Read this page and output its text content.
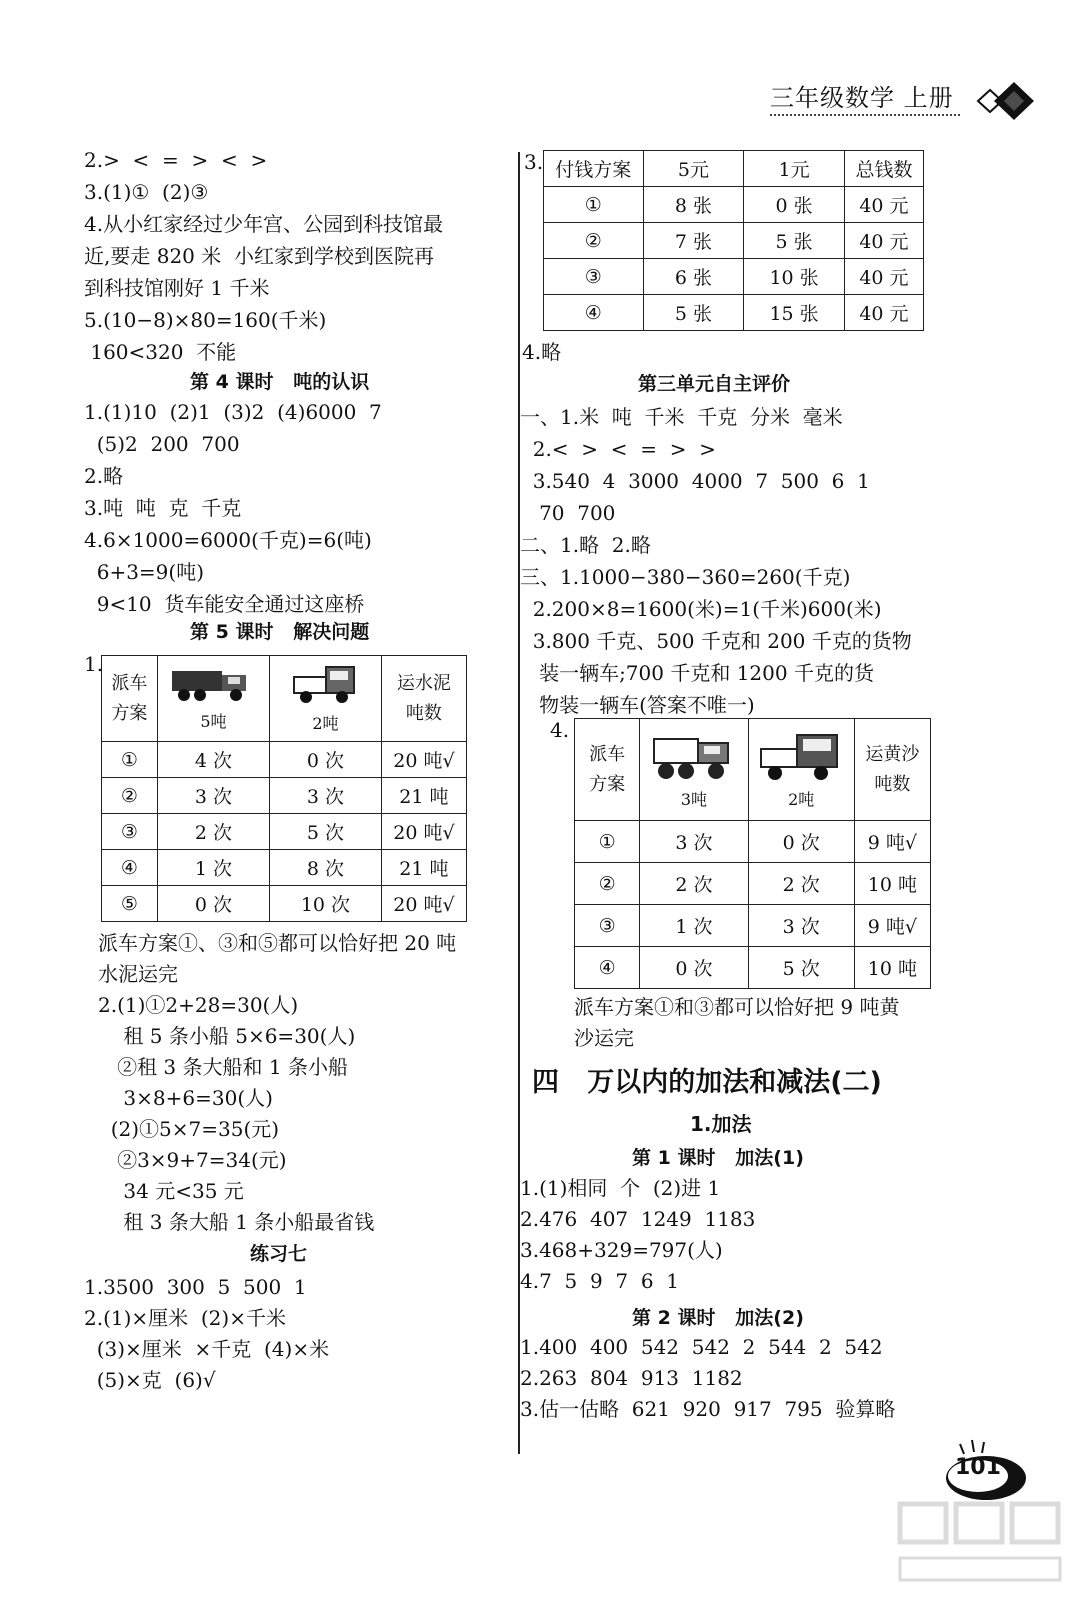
三年级数学 上册
2.>  <  =  >  <  >
3.(1)①  (2)③
4.从小红家经过少年宫、公园到科技馆最
近,要走 820 米  小红家到学校到医院再
到科技馆刚好 1 千米
5.(10−8)×80=160(千米)
160<320  不能
1.(1)10  (2)1  (3)2  (4)6000  7
(5)2  200  700
2.略
3.吨  吨  克  千克
4.6×1000=6000(千克)=6(吨)
6+3=9(吨)
9<10  货车能安全通过这座桥
第 4 课时   吨的认识
第 5 课时   解决问题
1.
派车
方案	5吨	2吨	运水泥
吨数
①	4 次	0 次	20 吨√
②	3 次	3 次	21 吨
③	2 次	5 次	20 吨√
④	1 次	8 次	21 吨
⑤	0 次	10 次	20 吨√
派车方案①、③和⑤都可以恰好把 20 吨
水泥运完
2.(1)①2+28=30(人)
租 5 条小船 5×6=30(人)
②租 3 条大船和 1 条小船
3×8+6=30(人)
(2)①5×7=35(元)
②3×9+7=34(元)
34 元<35 元
租 3 条大船 1 条小船最省钱
练习七
1.3500  300  5  500  1
2.(1)×厘米  (2)×千米
(3)×厘米  ×千克  (4)×米
(5)×克  (6)√
3. 付钱方案	5元	1元	总钱数
①	8 张	0 张	40 元
②	7 张	5 张	40 元
③	6 张	10 张	40 元
④	5 张	15 张	40 元
4.略
第三单元自主评价
一、1.米  吨  千米  千克  分米  毫米
2.<  >  <  =  >  >
3.540  4  3000  4000  7  500  6  1
70  700
二、1.略  2.略
三、1.1000−380−360=260(千克)
2.200×8=1600(米)=1(千米)600(米)
3.800 千克、500 千克和 200 千克的货物
装一辆车;700 千克和 1200 千克的货
物装一辆车(答案不唯一)
4.
派车
方案	3吨	2吨	运黄沙
吨数
①	3 次	0 次	9 吨√
②	2 次	2 次	10 吨
③	1 次	3 次	9 吨√
④	0 次	5 次	10 吨
派车方案①和③都可以恰好把 9 吨黄
沙运完
四   万以内的加法和减法(二)
1.加法
第 1 课时   加法(1)
1.(1)相同  个  (2)进 1
2.476  407  1249  1183
3.468+329=797(人)
4.7  5  9  7  6  1
第 2 课时   加法(2)
1.400  400  542  542  2  544  2  542
2.263  804  913  1182
3.估一估略  621  920  917  795  验算略
101
